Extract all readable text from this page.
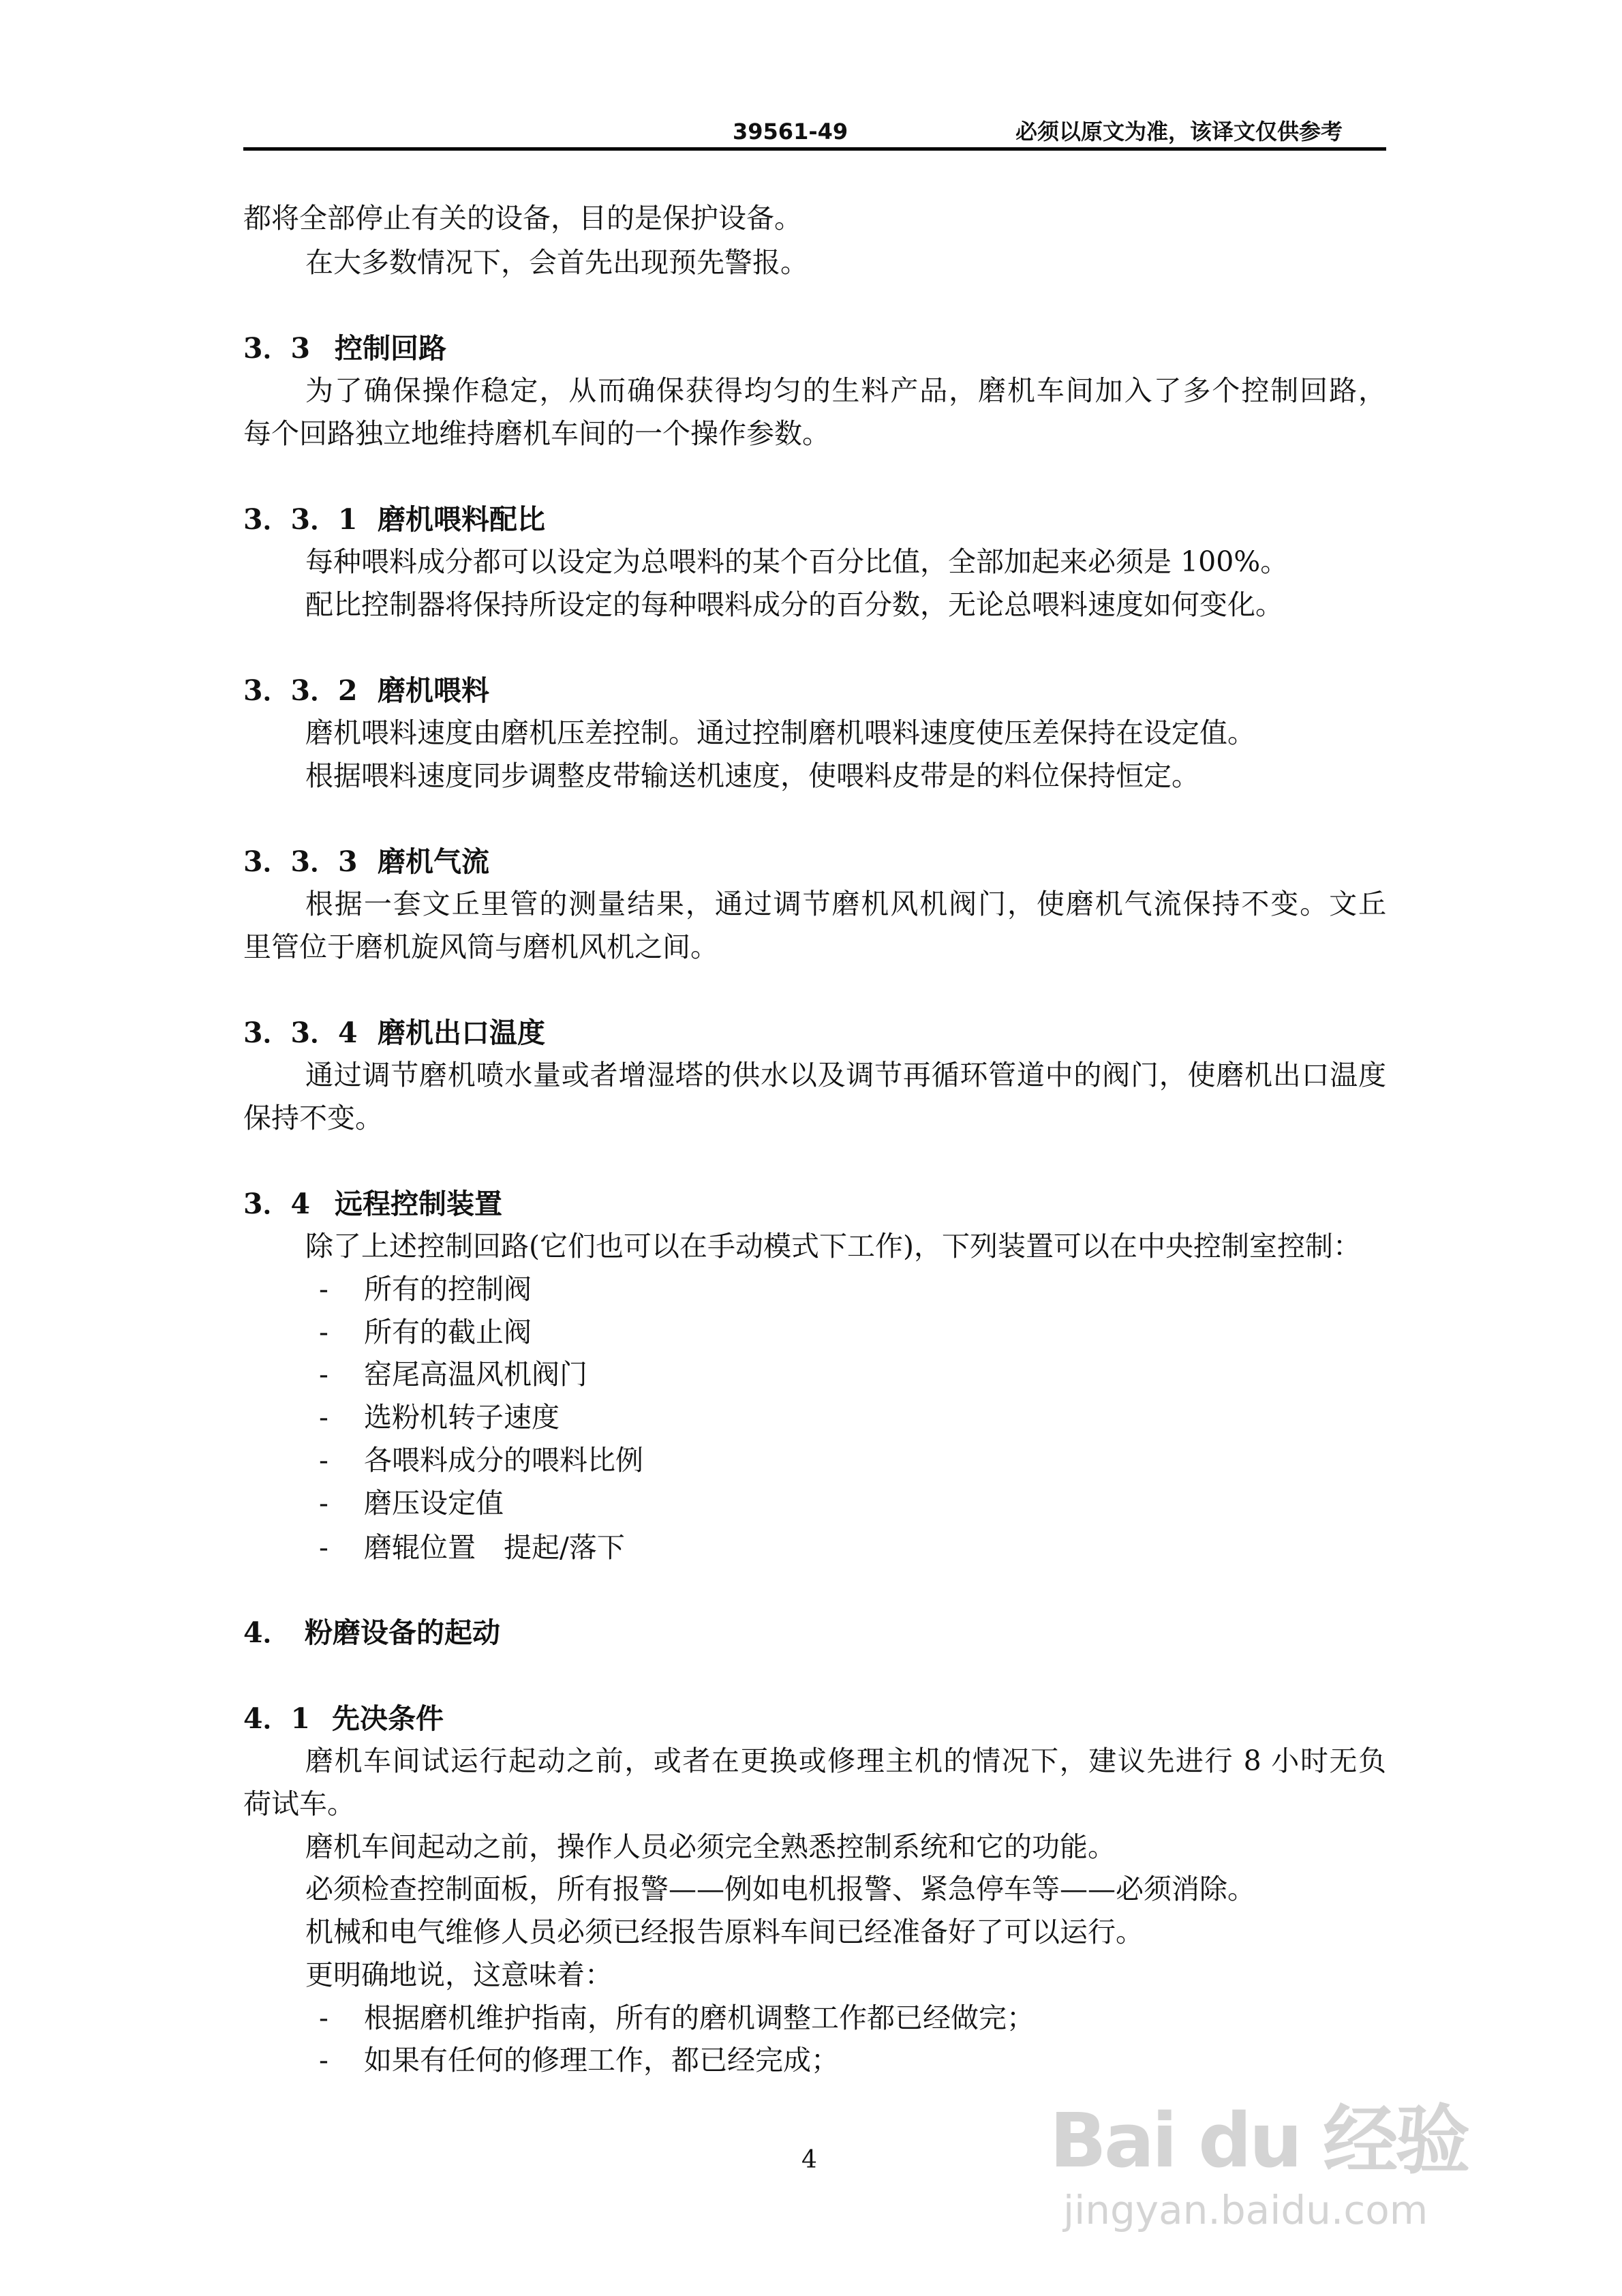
39561-49	必须以原文为准，该译文仅供参考
都将全部停止有关的设备，目的是保护设备。
在大多数情况下，会首先出现预先警报。
3．3 控制回路
为了确保操作稳定，从而确保获得均匀的生料产品，磨机车间加入了多个控制回路，
每个回路独立地维持磨机车间的一个操作参数。
3．3．1 磨机喂料配比
每种喂料成分都可以设定为总喂料的某个百分比值，全部加起来必须是 100%。
配比控制器将保持所设定的每种喂料成分的百分数，无论总喂料速度如何变化。
3．3．2 磨机喂料
磨机喂料速度由磨机压差控制。通过控制磨机喂料速度使压差保持在设定值。
根据喂料速度同步调整皮带输送机速度，使喂料皮带是的料位保持恒定。
3．3．3 磨机气流
根据一套文丘里管的测量结果，通过调节磨机风机阀门，使磨机气流保持不变。文丘
里管位于磨机旋风筒与磨机风机之间。
3．3．4 磨机出口温度
通过调节磨机喷水量或者增湿塔的供水以及调节再循环管道中的阀门，使磨机出口温度
保持不变。
3．4 远程控制装置
除了上述控制回路(它们也可以在手动模式下工作)，下列装置可以在中央控制室控制：
- 所有的控制阀
- 所有的截止阀
- 窑尾高温风机阀门
- 选粉机转子速度
- 各喂料成分的喂料比例
- 磨压设定值
- 磨辊位置　提起/落下
4． 粉磨设备的起动
4．1 先决条件
磨机车间试运行起动之前，或者在更换或修理主机的情况下，建议先进行 8 小时无负
荷试车。
磨机车间起动之前，操作人员必须完全熟悉控制系统和它的功能。
必须检查控制面板，所有报警——例如电机报警、紧急停车等——必须消除。
机械和电气维修人员必须已经报告原料车间已经准备好了可以运行。
更明确地说，这意味着：
- 根据磨机维护指南，所有的磨机调整工作都已经做完；
- 如果有任何的修理工作，都已经完成；
4	Bai du 经验
jingyan.baidu.com
